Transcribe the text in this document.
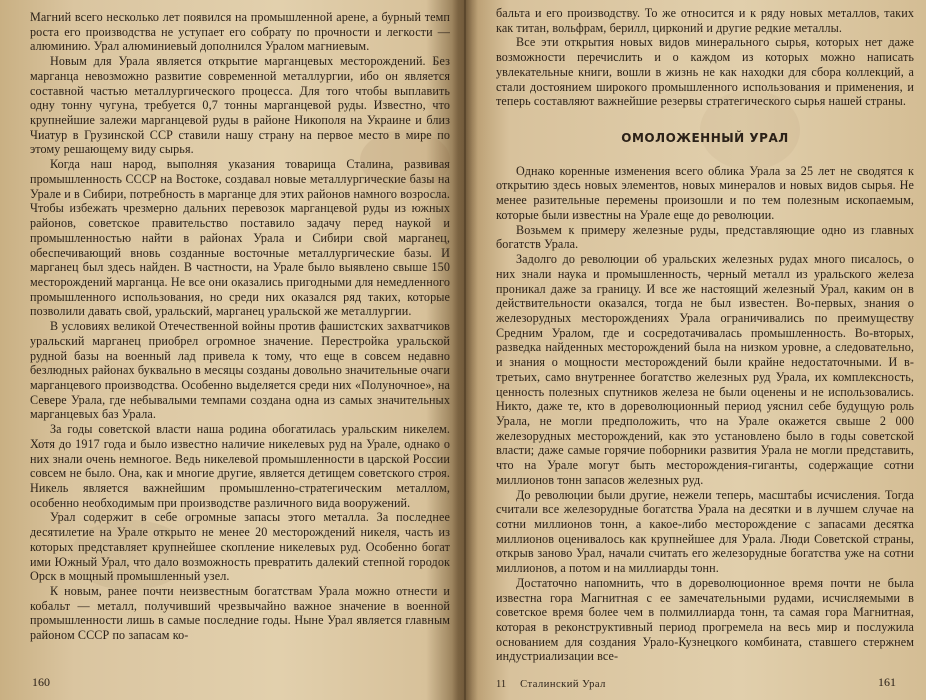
Магний всего несколько лет появился на промышленной арене, а бурный темп роста его производства не уступает его собрату по прочности и легкости — алюминию. Урал алюминиевый дополнился Уралом магниевым.

Новым для Урала является открытие марганцевых месторождений. Без марганца невозможно развитие современной металлургии, ибо он является составной частью металлургического процесса. Для того чтобы выплавить одну тонну чугуна, требуется 0,7 тонны марганцевой руды. Известно, что крупнейшие залежи марганцевой руды в районе Никополя на Украине и близ Чиатур в Грузинской ССР ставили нашу страну на первое место в мире по этому решающему виду сырья.

Когда наш народ, выполняя указания товарища Сталина, развивая промышленность СССР на Востоке, создавал новые металлургические базы на Урале и в Сибири, потребность в марганце для этих районов намного возросла. Чтобы избежать чрезмерно дальних перевозок марганцевой руды из южных районов, советское правительство поставило задачу перед наукой и промышленностью найти в районах Урала и Сибири свой марганец, обеспечивающий вновь созданные восточные металлургические базы. И марганец был здесь найден. В частности, на Урале было выявлено свыше 150 месторождений марганца. Не все они оказались пригодными для немедленного промышленного использования, но среди них оказался ряд таких, которые позволили давать свой, уральский, марганец уральской же металлургии.

В условиях великой Отечественной войны против фашистских захватчиков уральский марганец приобрел огромное значение. Перестройка уральской рудной базы на военный лад привела к тому, что еще в совсем недавно безлюдных районах буквально в месяцы созданы довольно значительные очаги марганцевого производства. Особенно выделяется среди них «Полуночное», на Севере Урала, где небывалыми темпами создана одна из самых значительных марганцевых баз Урала.

За годы советской власти наша родина обогатилась уральским никелем. Хотя до 1917 года и было известно наличие никелевых руд на Урале, однако о них знали очень немногое. Ведь никелевой промышленности в царской России совсем не было. Она, как и многие другие, является детищем советского строя. Никель является важнейшим промышленно-стратегическим металлом, особенно необходимым при производстве различного вида вооружений.

Урал содержит в себе огромные запасы этого металла. За последнее десятилетие на Урале открыто не менее 20 месторождений никеля, часть из которых представляет крупнейшее скопление никелевых руд. Особенно богат ими Южный Урал, что дало возможность превратить далекий степной городок Орск в мощный промышленный узел.

К новым, ранее почти неизвестным богатствам Урала можно отнести и кобальт — металл, получивший чрезвычайно важное значение в военной промышленности лишь в самые последние годы. Ныне Урал является главным районом СССР по запасам ко-

160

бальта и его производству. То же относится и к ряду новых металлов, таких как титан, вольфрам, берилл, цирконий и другие редкие металлы.

Все эти открытия новых видов минерального сырья, которых нет даже возможности перечислить и о каждом из которых можно написать увлекательные книги, вошли в жизнь не как находки для сбора коллекций, а стали достоянием широкого промышленного использования и применения, и теперь составляют важнейшие резервы стратегического сырья нашей страны.

ОМОЛОЖЕННЫЙ УРАЛ

Однако коренные изменения всего облика Урала за 25 лет не сводятся к открытию здесь новых элементов, новых минералов и новых видов сырья. Не менее разительные перемены произошли и по тем полезным ископаемым, которые были известны на Урале еще до революции.

Возьмем к примеру железные руды, представляющие одно из главных богатств Урала.

Задолго до революции об уральских железных рудах много писалось, о них знали наука и промышленность, черный металл из уральского железа проникал даже за границу. И все же настоящий железный Урал, каким он в действительности оказался, тогда не был известен. Во-первых, знания о железорудных месторождениях Урала ограничивались по преимуществу Средним Уралом, где и сосредотачивалась промышленность. Во-вторых, разведка найденных месторождений была на низком уровне, а следовательно, и знания о мощности месторождений были крайне недостаточными. И в-третьих, само внутреннее богатство железных руд Урала, их комплексность, ценность полезных спутников железа не были оценены и не использовались. Никто, даже те, кто в дореволюционный период уяснил себе будущую роль Урала, не могли предположить, что на Урале окажется свыше 2 000 железорудных месторождений, как это установлено было в годы советской власти; даже самые горячие поборники развития Урала не могли представить, что на Урале могут быть месторождения-гиганты, содержащие сотни миллионов тонн запасов железных руд.

До революции были другие, нежели теперь, масштабы исчисления. Тогда считали все железорудные богатства Урала на десятки и в лучшем случае на сотни миллионов тонн, а какое-либо месторождение с запасами десятка миллионов оценивалось как крупнейшее для Урала. Люди Советской страны, открыв заново Урал, начали считать его железорудные богатства уже на сотни миллионов, а потом и на миллиарды тонн.

Достаточно напомнить, что в дореволюционное время почти не была известна гора Магнитная с ее замечательными рудами, исчисляемыми в советское время более чем в полмиллиарда тонн, та самая гора Магнитная, которая в реконструктивный период прогремела на весь мир и послужила основанием для создания Урало-Кузнецкого комбината, ставшего стержнем индустриализации все-

11 Сталинский Урал	161
